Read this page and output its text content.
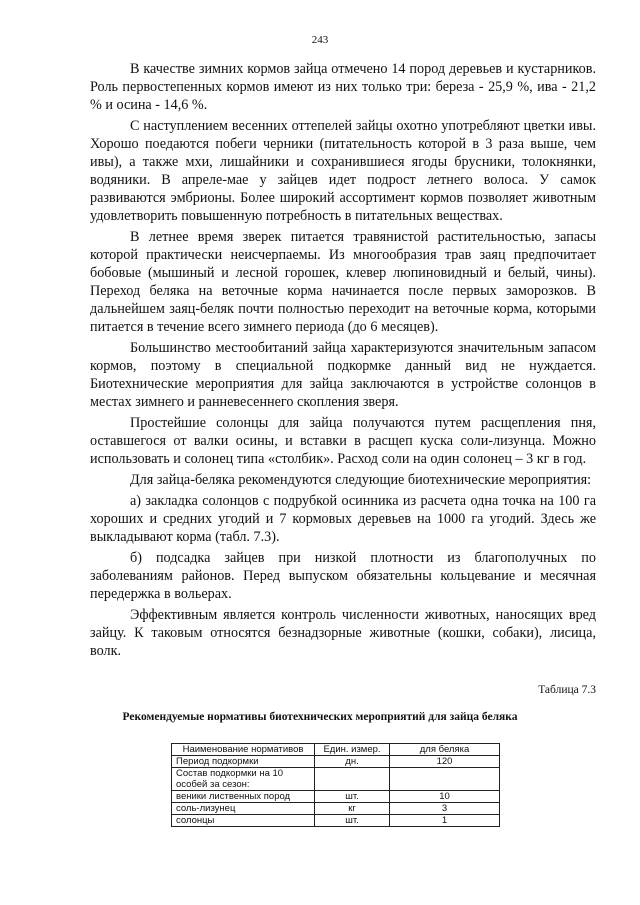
243

В качестве зимних кормов зайца отмечено 14 пород деревьев и кустарников. Роль первостепенных кормов имеют из них только три: береза - 25,9 %, ива - 21,2 % и осина - 14,6 %.

С наступлением весенних оттепелей зайцы охотно употребляют цветки ивы. Хорошо поедаются побеги черники (питательность которой в 3 раза выше, чем ивы), а также мхи, лишайники и сохранившиеся ягоды брусники, толокнянки, водяники. В апреле-мае у зайцев идет подрост летнего волоса. У самок развиваются эмбрионы. Более широкий ассортимент кормов позволяет животным удовлетворить повышенную потребность в питательных веществах.

В летнее время зверек питается травянистой растительностью, запасы которой практически неисчерпаемы. Из многообразия трав заяц предпочитает бобовые (мышиный и лесной горошек, клевер люпиновидный и белый, чины). Переход беляка на веточные корма начинается после первых заморозков. В дальнейшем заяц-беляк почти полностью переходит на веточные корма, которыми питается в течение всего зимнего периода (до 6 месяцев).

Большинство местообитаний зайца характеризуются значительным запасом кормов, поэтому в специальной подкормке данный вид не нуждается. Биотехнические мероприятия для зайца заключаются в устройстве солонцов в местах зимнего и ранневесеннего скопления зверя.

Простейшие солонцы для зайца получаются путем расщепления пня, оставшегося от валки осины, и вставки в расщеп куска соли-лизунца. Можно использовать и солонец типа «столбик». Расход соли на один солонец – 3 кг в год.

Для зайца-беляка рекомендуются следующие биотехнические мероприятия:

а) закладка солонцов с подрубкой осинника из расчета одна точка на 100 га хороших и средних угодий и 7 кормовых деревьев на 1000 га угодий. Здесь же выкладывают корма (табл. 7.3).

б) подсадка зайцев при низкой плотности из благополучных по заболеваниям районов. Перед выпуском обязательны кольцевание и месячная передержка в вольерах.

Эффективным является контроль численности животных, наносящих вред зайцу. К таковым относятся безнадзорные животные (кошки, собаки), лисица, волк.

Таблица 7.3
Рекомендуемые нормативы биотехнических мероприятий для зайца беляка
Наименование нормативов	Един. измер.	для беляка
Период подкормки	дн.	120
Состав подкормки на 10 особей за сезон:		
веники лиственных пород	шт.	10
соль-лизунец	кг	3
солонцы	шт.	1
